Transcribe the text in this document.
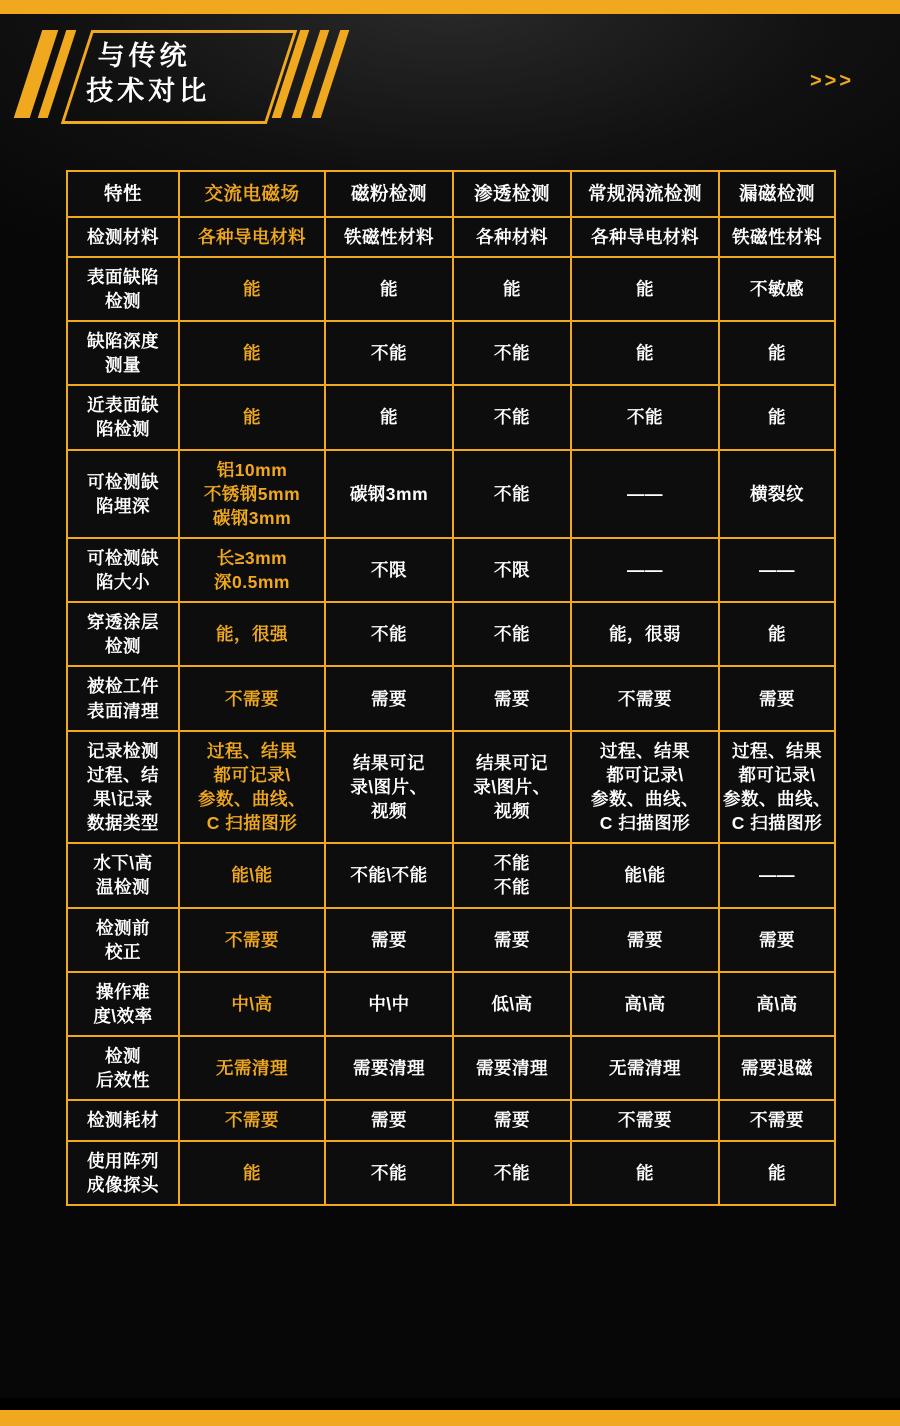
与传统
技术对比	>>>
特性	交流电磁场	磁粉检测	渗透检测	常规涡流检测	漏磁检测
检测材料	各种导电材料	铁磁性材料	各种材料	各种导电材料	铁磁性材料
表面缺陷
检测	能	能	能	能	不敏感
缺陷深度
测量	能	不能	不能	能	能
近表面缺
陷检测	能	能	不能	不能	能
可检测缺
陷埋深	铝10mm
不锈钢5mm
碳钢3mm	碳钢3mm	不能	——	横裂纹
可检测缺
陷大小	长≥3mm
深0.5mm	不限	不限	——	——
穿透涂层
检测	能，很强	不能	不能	能，很弱	能
被检工件
表面清理	不需要	需要	需要	不需要	需要
记录检测
过程、结
果\记录
数据类型	过程、结果
都可记录\
参数、曲线、
C 扫描图形	结果可记
录\图片、
视频	结果可记
录\图片、
视频	过程、结果
都可记录\
参数、曲线、
C 扫描图形	过程、结果
都可记录\
参数、曲线、
C 扫描图形
水下\高
温检测	能\能	不能\不能	不能
不能	能\能	——
检测前
校正	不需要	需要	需要	需要	需要
操作难
度\效率	中\高	中\中	低\高	高\高	高\高
检测
后效性	无需清理	需要清理	需要清理	无需清理	需要退磁
检测耗材	不需要	需要	需要	不需要	不需要
使用阵列
成像探头	能	不能	不能	能	能
